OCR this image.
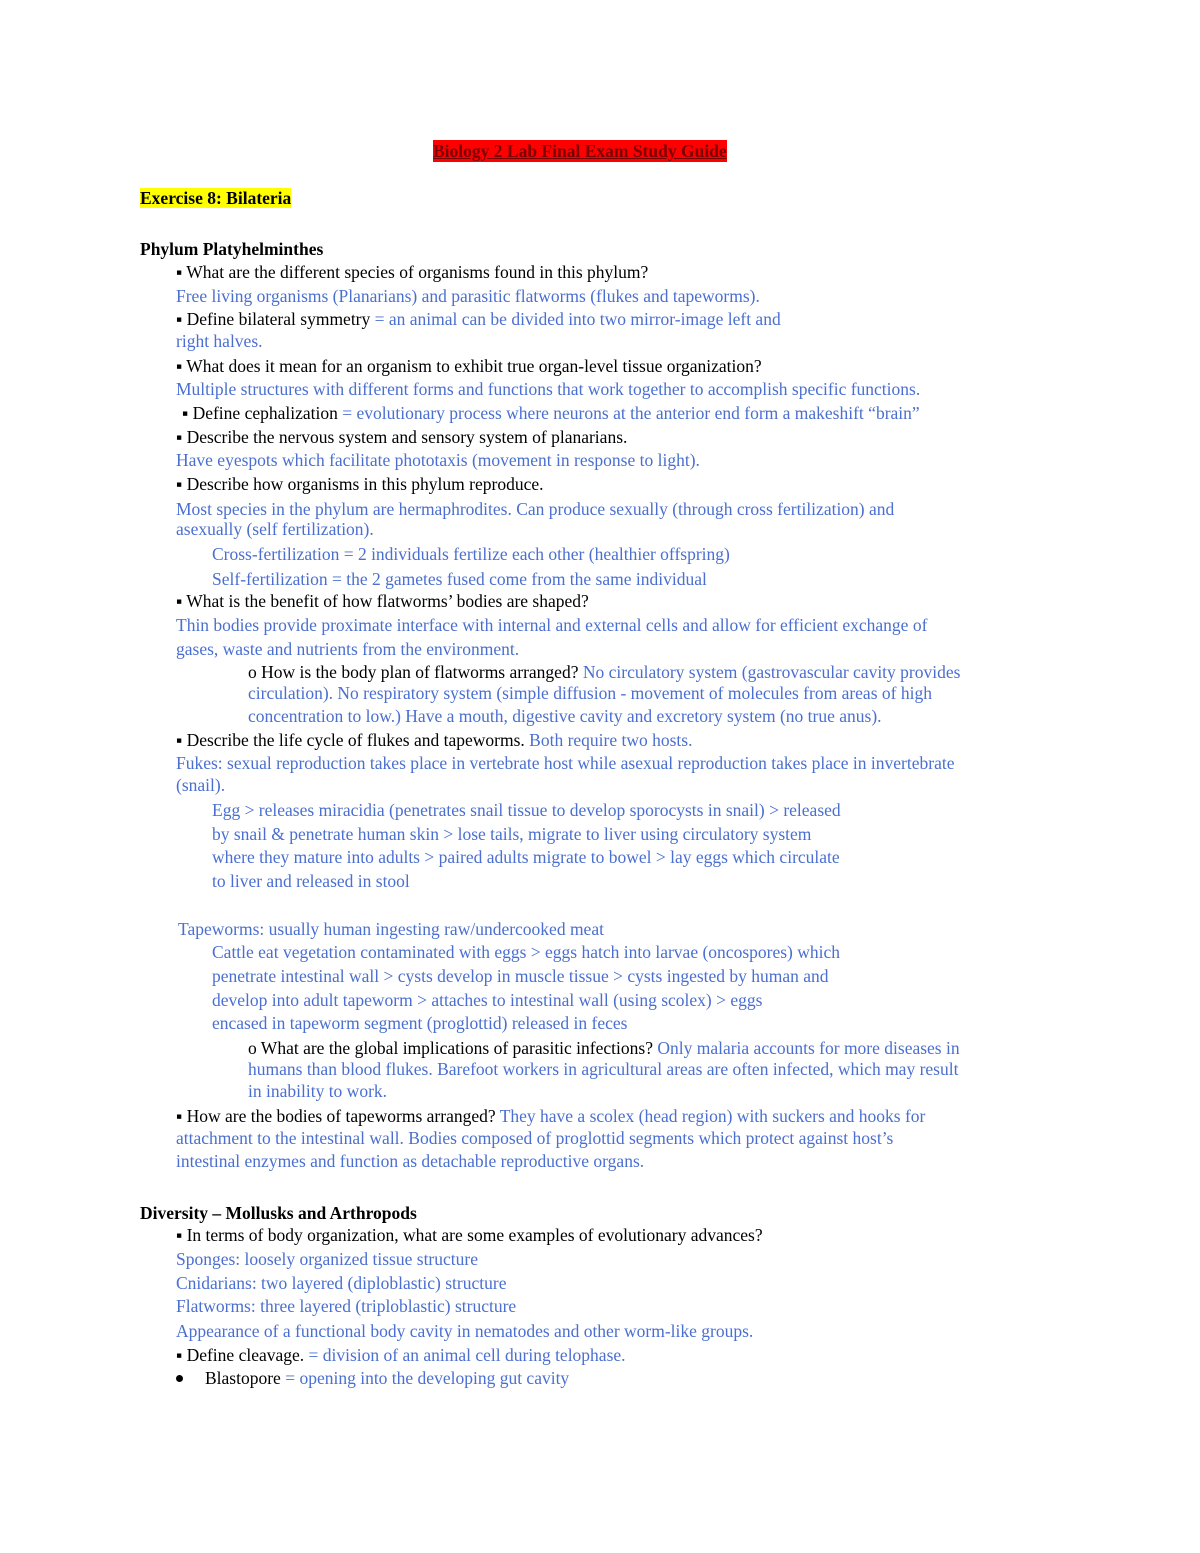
Biology 2 Lab Final Exam Study Guide
Exercise 8: Bilateria
Phylum Platyhelminthes
▪ What are the different species of organisms found in this phylum?
Free living organisms (Planarians) and parasitic flatworms (flukes and tapeworms).
▪ Define bilateral symmetry = an animal can be divided into two mirror-image left and
right halves.
▪ What does it mean for an organism to exhibit true organ-level tissue organization?
Multiple structures with different forms and functions that work together to accomplish specific functions.
▪ Define cephalization = evolutionary process where neurons at the anterior end form a makeshift “brain”
▪ Describe the nervous system and sensory system of planarians.
Have eyespots which facilitate phototaxis (movement in response to light).
▪ Describe how organisms in this phylum reproduce.
Most species in the phylum are hermaphrodites. Can produce sexually (through cross fertilization) and
asexually (self fertilization).
Cross-fertilization = 2 individuals fertilize each other (healthier offspring)
Self-fertilization = the 2 gametes fused come from the same individual
▪ What is the benefit of how flatworms’ bodies are shaped?
Thin bodies provide proximate interface with internal and external cells and allow for efficient exchange of
gases, waste and nutrients from the environment.
o How is the body plan of flatworms arranged? No circulatory system (gastrovascular cavity provides
circulation). No respiratory system (simple diffusion - movement of molecules from areas of high
concentration to low.) Have a mouth, digestive cavity and excretory system (no true anus).
▪ Describe the life cycle of flukes and tapeworms. Both require two hosts.
Fukes: sexual reproduction takes place in vertebrate host while asexual reproduction takes place in invertebrate
(snail).
Egg > releases miracidia (penetrates snail tissue to develop sporocysts in snail) > released
by snail & penetrate human skin > lose tails, migrate to liver using circulatory system
where they mature into adults > paired adults migrate to bowel > lay eggs which circulate
to liver and released in stool
Tapeworms: usually human ingesting raw/undercooked meat
Cattle eat vegetation contaminated with eggs > eggs hatch into larvae (oncospores) which
penetrate intestinal wall > cysts develop in muscle tissue > cysts ingested by human and
develop into adult tapeworm > attaches to intestinal wall (using scolex) > eggs
encased in tapeworm segment (proglottid) released in feces
o What are the global implications of parasitic infections? Only malaria accounts for more diseases in
humans than blood flukes. Barefoot workers in agricultural areas are often infected, which may result
in inability to work.
▪ How are the bodies of tapeworms arranged? They have a scolex (head region) with suckers and hooks for
attachment to the intestinal wall. Bodies composed of proglottid segments which protect against host’s
intestinal enzymes and function as detachable reproductive organs.
Diversity – Mollusks and Arthropods
▪ In terms of body organization, what are some examples of evolutionary advances?
Sponges: loosely organized tissue structure
Cnidarians: two layered (diploblastic) structure
Flatworms: three layered (triploblastic) structure
Appearance of a functional body cavity in nematodes and other worm-like groups.
▪ Define cleavage. = division of an animal cell during telophase.
Blastopore = opening into the developing gut cavity
